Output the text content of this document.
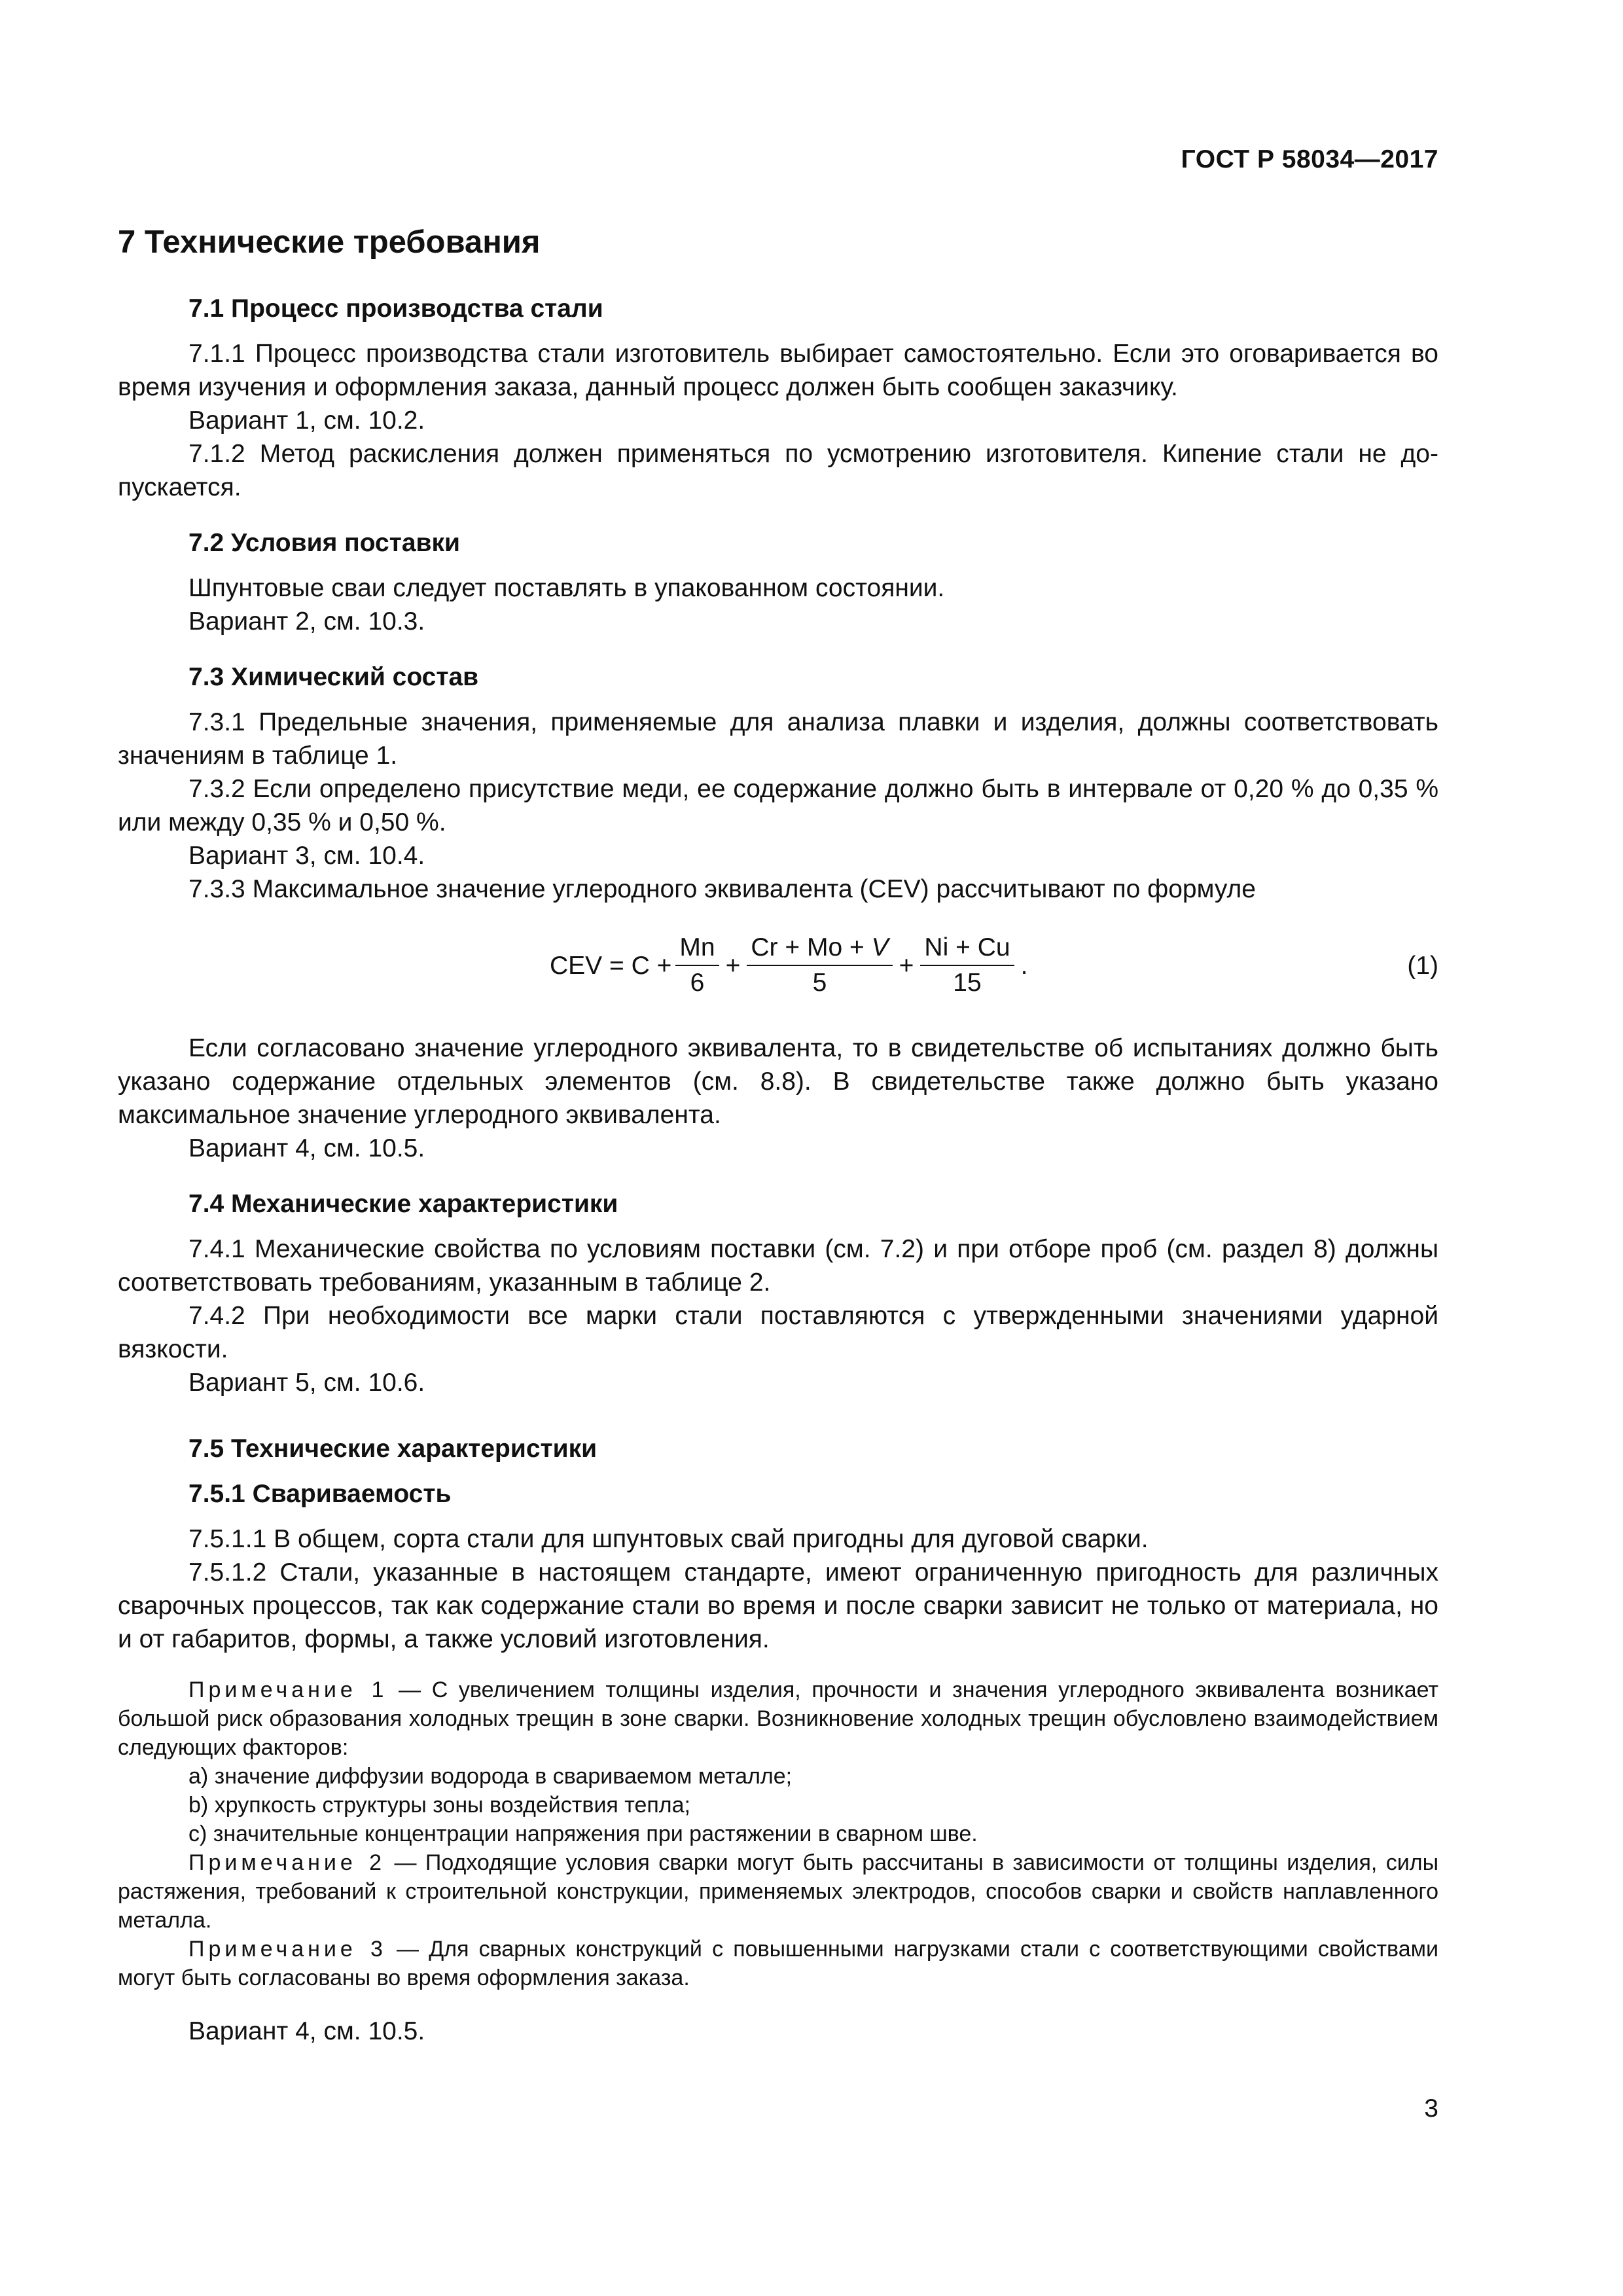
ГОСТ Р 58034—2017
7 Технические требования
7.1 Процесс производства стали

7.1.1 Процесс производства стали изготовитель выбирает самостоятельно. Если это оговаривается во время изучения и оформления заказа, данный процесс должен быть сообщен заказчику.

Вариант 1, см. 10.2.

7.1.2 Метод раскисления должен применяться по усмотрению изготовителя. Кипение стали не допускается.

7.2 Условия поставки

Шпунтовые сваи следует поставлять в упакованном состоянии.

Вариант 2, см. 10.3.

7.3 Химический состав

7.3.1 Предельные значения, применяемые для анализа плавки и изделия, должны соответствовать значениям в таблице 1.

7.3.2 Если определено присутствие меди, ее содержание должно быть в интервале от 0,20 % до 0,35 % или между 0,35 % и 0,50 %.

Вариант 3, см. 10.4.

7.3.3 Максимальное значение углеродного эквивалента (CEV) рассчитывают по формуле

CEV = $C + \frac{Mn}{6} + \frac{Cr + Mo + V}{5} + \frac{Ni + Cu}{15}$ .	(1)

Если согласовано значение углеродного эквивалента, то в свидетельстве об испытаниях должно быть указано содержание отдельных элементов (см. 8.8). В свидетельстве также должно быть указано максимальное значение углеродного эквивалента.

Вариант 4, см. 10.5.

7.4 Механические характеристики

7.4.1 Механические свойства по условиям поставки (см. 7.2) и при отборе проб (см. раздел 8) должны соответствовать требованиям, указанным в таблице 2.

7.4.2 При необходимости все марки стали поставляются с утвержденными значениями ударной вязкости.

Вариант 5, см. 10.6.

7.5 Технические характеристики
7.5.1 Свариваемость

7.5.1.1 В общем, сорта стали для шпунтовых свай пригодны для дуговой сварки.

7.5.1.2 Стали, указанные в настоящем стандарте, имеют ограниченную пригодность для различных сварочных процессов, так как содержание стали во время и после сварки зависит не только от материала, но и от габаритов, формы, а также условий изготовления.

Примечание 1 — С увеличением толщины изделия, прочности и значения углеродного эквивалента возникает большой риск образования холодных трещин в зоне сварки. Возникновение холодных трещин обусловлено взаимодействием следующих факторов:

a) значение диффузии водорода в свариваемом металле;

b) хрупкость структуры зоны воздействия тепла;

c) значительные концентрации напряжения при растяжении в сварном шве.

Примечание 2 — Подходящие условия сварки могут быть рассчитаны в зависимости от толщины изделия, силы растяжения, требований к строительной конструкции, применяемых электродов, способов сварки и свойств наплавленного металла.

Примечание 3 — Для сварных конструкций с повышенными нагрузками стали с соответствующими свойствами могут быть согласованы во время оформления заказа.

Вариант 4, см. 10.5.

3
